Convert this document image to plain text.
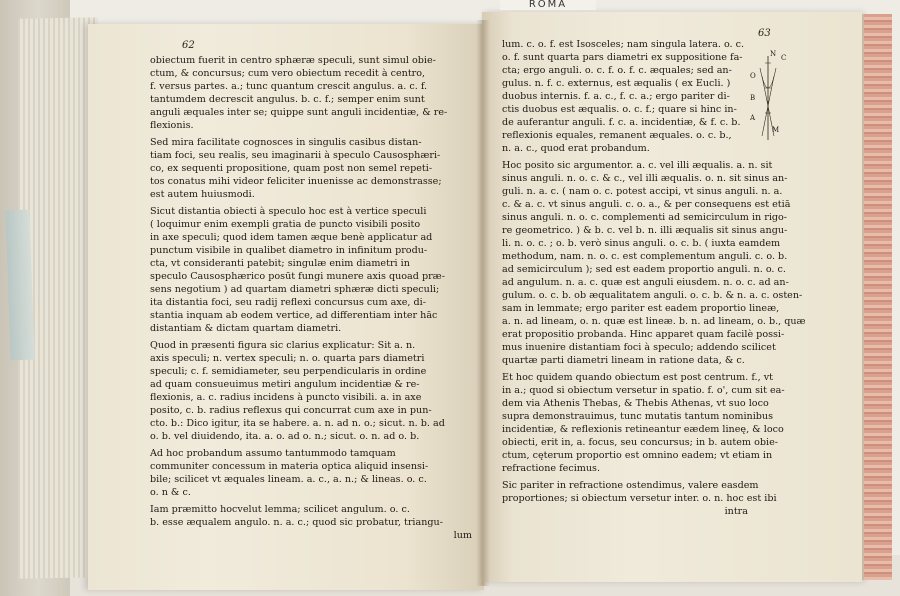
ROMA
62
63
obiectum fuerit in centro sphæræ speculi, sunt simul obie-
ctum, & concursus; cum vero obiectum recedit à centro,
f. versus partes. a.; tunc quantum crescit angulus. a. c. f.
tantumdem decrescit angulus. b. c. f.; semper enim sunt
anguli æquales inter se; quippe sunt anguli incidentiæ, & re-
flexionis.
Sed mira facilitate cognosces in singulis casibus distan-
tiam foci, seu realis, seu imaginarii à speculo Causosphæri-
co, ex sequenti propositione, quam post non semel repeti-
tos conatus mihi videor feliciter inuenisse ac demonstrasse;
est autem huiusmodi.
Sicut distantia obiecti à speculo hoc est à vertice speculi
( loquimur enim exempli gratia de puncto visibili posito
in axe speculi; quod idem tamen æque benè applicatur ad
punctum visibile in qualibet diametro in infinitum produ-
cta, vt consideranti patebit; singulæ enim diametri in
speculo Causosphærico posūt fungi munere axis quoad præ-
sens negotium ) ad quartam diametri sphæræ dicti speculi;
ita distantia foci, seu radij reflexi concursus cum axe, di-
stantia inquam ab eodem vertice, ad differentiam inter hāc
distantiam & dictam quartam diametri.
Quod in præsenti figura sic clarius explicatur: Sit a. n.
axis speculi; n. vertex speculi; n. o. quarta pars diametri
speculi; c. f. semidiameter, seu perpendicularis in ordine
ad quam consueuimus metiri angulum incidentiæ & re-
flexionis, a. c. radius incidens à puncto visibili. a. in axe
posito, c. b. radius reflexus qui concurrat cum axe in pun-
cto. b.: Dico igitur, ita se habere. a. n. ad n. o.; sicut. n. b. ad
o. b. vel diuidendo, ita. a. o. ad o. n.; sicut. o. n. ad o. b.
Ad hoc probandum assumo tantummodo tamquam
communiter concessum in materia optica aliquid insensi-
bile; scilicet vt æquales lineam. a. c., a. n.; & lineas. o. c.
o. n & c.
Iam præmitto hocvelut lemma; scilicet angulum. o. c.
b. esse æqualem angulo. n. a. c.; quod sic probatur, triangu-
lum
lum. c. o. f. est Isosceles; nam singula latera. o. c.
o. f. sunt quarta pars diametri ex suppositione fa-
cta; ergo anguli. o. c. f. o. f. c. æquales; sed an-
gulus. n. f. c. externus, est æqualis ( ex Eucli. )
duobus internis. f. a. c., f. c. a.; ergo pariter di-
ctis duobus est æqualis. o. c. f.; quare si hinc in-
de auferantur anguli. f. c. a. incidentiæ, & f. c. b.
reflexionis equales, remanent æquales. o. c. b.,
n. a. c., quod erat probandum.
Hoc posito sic argumentor. a. c. vel illi æqualis. a. n. sit
sinus anguli. n. o. c. & c., vel illi æqualis. o. n. sit sinus an-
guli. n. a. c. ( nam o. c. potest accipi, vt sinus anguli. n. a.
c. & a. c. vt sinus anguli. c. o. a., & per consequens est etiā
sinus anguli. n. o. c. complementi ad semicirculum in rigo-
re geometrico. ) & b. c. vel b. n. illi æqualis sit sinus angu-
li. n. o. c. ; o. b. verò sinus anguli. o. c. b. ( iuxta eamdem
methodum, nam. n. o. c. est complementum anguli. c. o. b.
ad semicirculum ); sed est eadem proportio anguli. n. o. c.
ad angulum. n. a. c. quæ est anguli eiusdem. n. o. c. ad an-
gulum. o. c. b. ob æqualitatem anguli. o. c. b. & n. a. c. osten-
sam in lemmate; ergo pariter est eadem proportio lineæ,
a. n. ad lineam, o. n. quæ est lineæ. b. n. ad lineam, o. b., quæ
erat propositio probanda. Hinc apparet quam facilè possi-
mus inuenire distantiam foci à speculo; addendo scilicet
quartæ parti diametri lineam in ratione data, & c.
Et hoc quidem quando obiectum est post centrum. f., vt
in a.; quod si obiectum versetur in spatio. f. o', cum sit ea-
dem via Athenis Thebas, & Thebis Athenas, vt suo loco
supra demonstrauimus, tunc mutatis tantum nominibus
incidentiæ, & reflexionis retineantur eædem lineę, & loco
obiecti, erit in, a. focus, seu concursus; in b. autem obie-
ctum, cęterum proportio est omnino eadem; vt etiam in
refractione fecimus.
Sic pariter in refractione ostendimus, valere easdem
proportiones; si obiectum versetur inter. o. n. hoc est ibi
intra
N C
O
B
A
M
